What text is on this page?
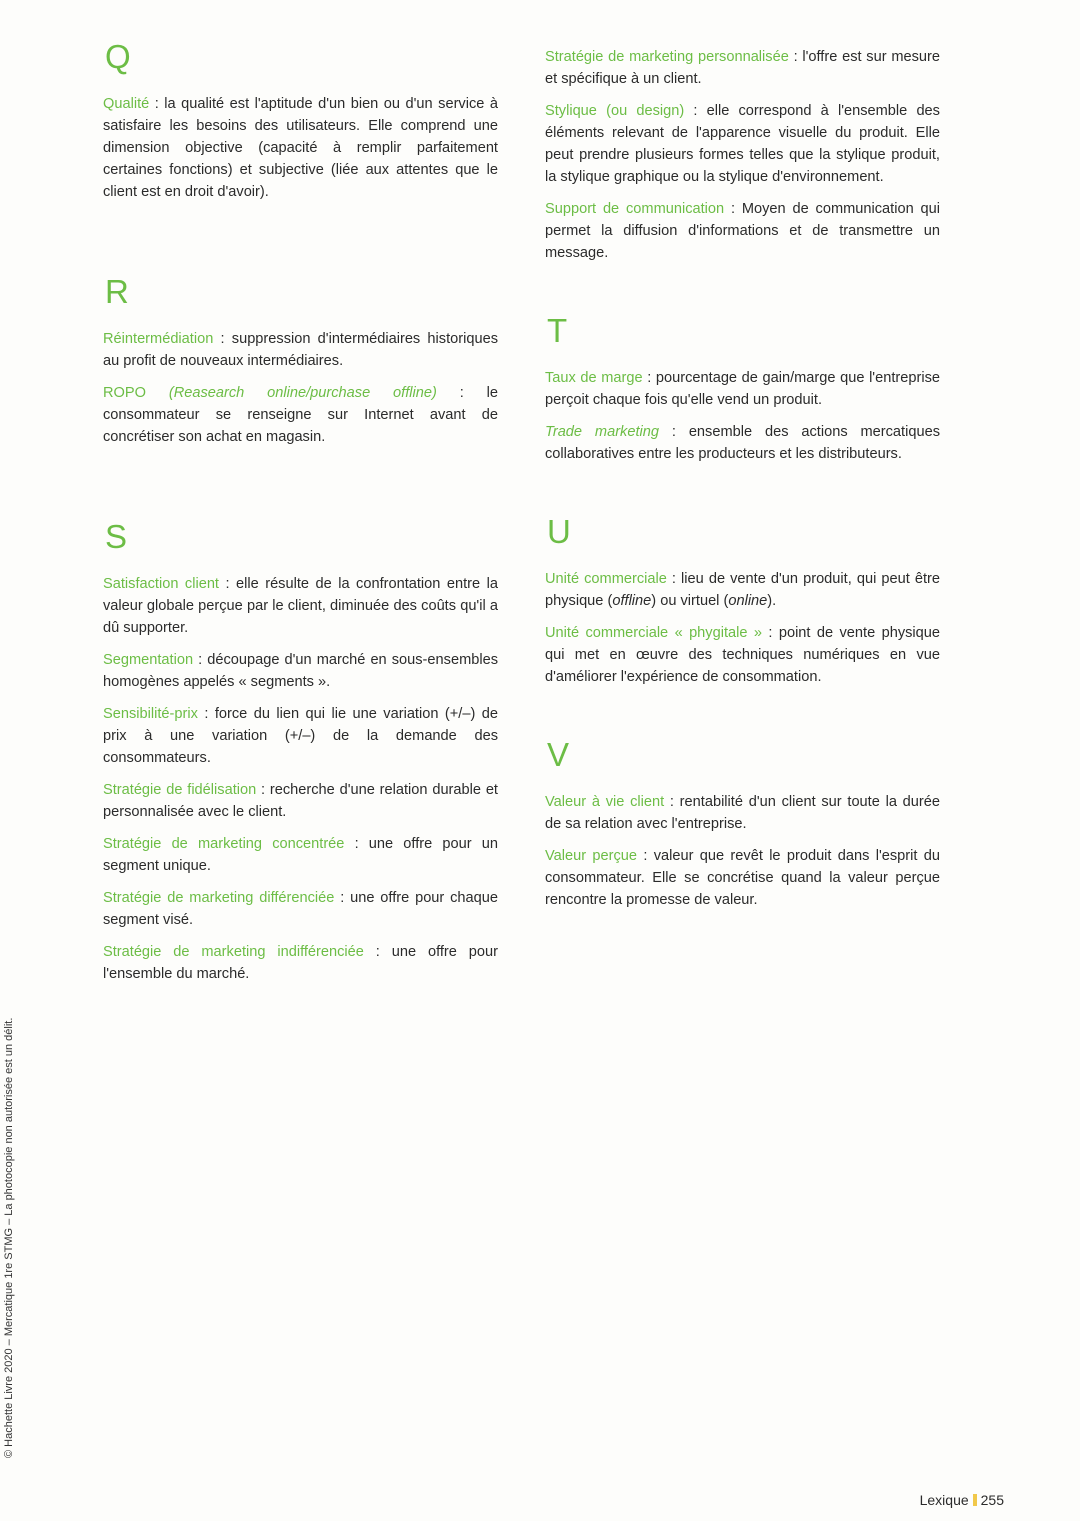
Q

Qualité : la qualité est l'aptitude d'un bien ou d'un service à satisfaire les besoins des utilisateurs. Elle comprend une dimension objective (capacité à remplir parfaitement certaines fonctions) et subjective (liée aux attentes que le client est en droit d'avoir).

R

Réintermédiation : suppression d'intermédiaires historiques au profit de nouveaux intermédiaires.

ROPO (Reasearch online/purchase offline) : le consommateur se renseigne sur Internet avant de concrétiser son achat en magasin.

S

Satisfaction client : elle résulte de la confrontation entre la valeur globale perçue par le client, diminuée des coûts qu'il a dû supporter.

Segmentation : découpage d'un marché en sous-ensembles homogènes appelés « segments ».

Sensibilité-prix : force du lien qui lie une variation (+/–) de prix à une variation (+/–) de la demande des consommateurs.

Stratégie de fidélisation : recherche d'une relation durable et personnalisée avec le client.

Stratégie de marketing concentrée : une offre pour un segment unique.

Stratégie de marketing différenciée : une offre pour chaque segment visé.

Stratégie de marketing indifférenciée : une offre pour l'ensemble du marché.

Stratégie de marketing personnalisée : l'offre est sur mesure et spécifique à un client.

Stylique (ou design) : elle correspond à l'ensemble des éléments relevant de l'apparence visuelle du produit. Elle peut prendre plusieurs formes telles que la stylique produit, la stylique graphique ou la stylique d'environnement.

Support de communication : Moyen de communication qui permet la diffusion d'informations et de transmettre un message.

T

Taux de marge : pourcentage de gain/marge que l'entreprise perçoit chaque fois qu'elle vend un produit.

Trade marketing : ensemble des actions mercatiques collaboratives entre les producteurs et les distributeurs.

U

Unité commerciale : lieu de vente d'un produit, qui peut être physique (offline) ou virtuel (online).

Unité commerciale « phygitale » : point de vente physique qui met en œuvre des techniques numériques en vue d'améliorer l'expérience de consommation.

V

Valeur à vie client : rentabilité d'un client sur toute la durée de sa relation avec l'entreprise.

Valeur perçue : valeur que revêt le produit dans l'esprit du consommateur. Elle se concrétise quand la valeur perçue rencontre la promesse de valeur.

© Hachette Livre 2020 – Mercatique 1re STMG – La photocopie non autorisée est un délit.
Lexique 255
